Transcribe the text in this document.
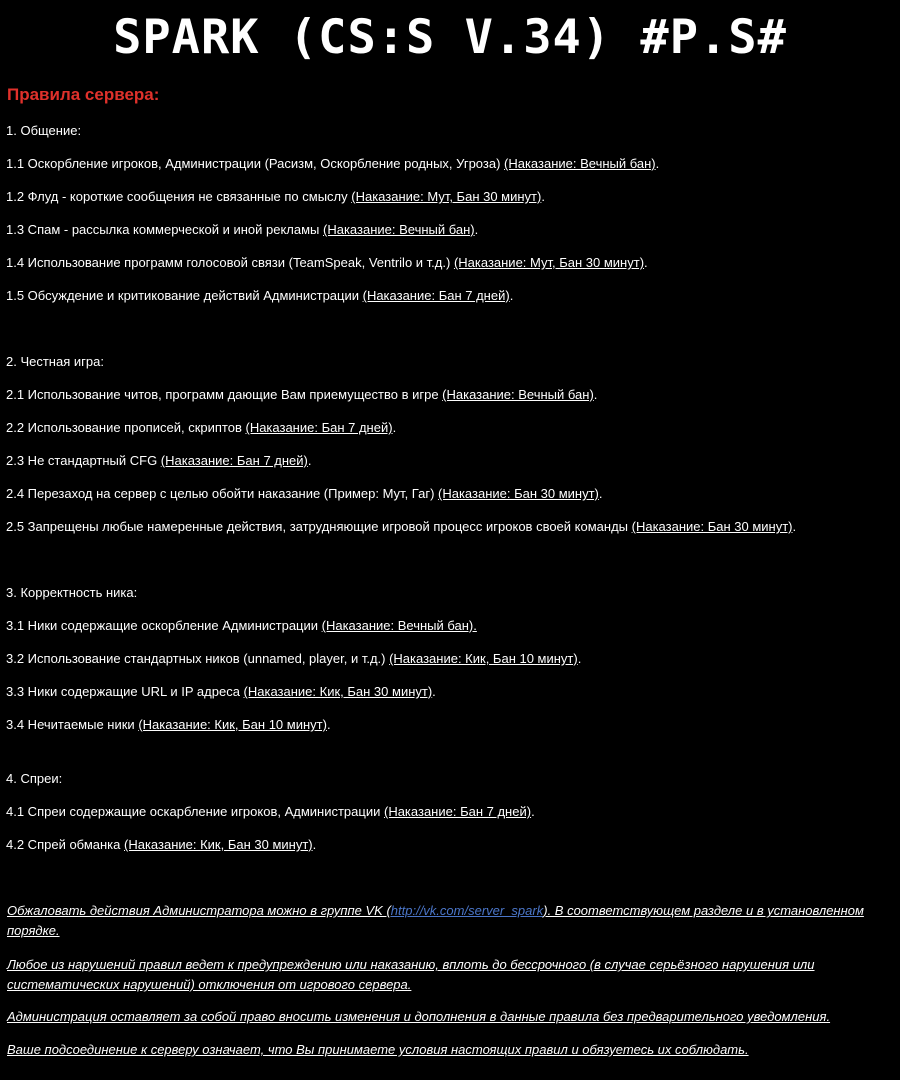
SPARK (CS:S V.34) #P.S#
Правила сервера:
1. Общение:
1.1 Оскорбление игроков, Администрации (Расизм, Оскорбление родных, Угроза) (Наказание: Вечный бан).
1.2 Флуд - короткие сообщения не связанные по смыслу (Наказание: Мут, Бан 30 минут).
1.3 Спам - рассылка коммерческой и иной рекламы (Наказание: Вечный бан).
1.4 Использование программ голосовой связи (TeamSpeak, Ventrilo и т.д.) (Наказание: Мут, Бан 30 минут).
1.5 Обсуждение и критикование действий Администрации (Наказание: Бан 7 дней).
2. Честная игра:
2.1 Использование читов, программ дающие Вам приемущество в игре (Наказание: Вечный бан).
2.2 Использование прописей, скриптов (Наказание: Бан 7 дней).
2.3 Не стандартный CFG (Наказание: Бан 7 дней).
2.4 Перезаход на сервер с целью обойти наказание (Пример: Мут, Гаг) (Наказание: Бан 30 минут).
2.5 Запрещены любые намеренные действия, затрудняющие игровой процесс игроков своей команды (Наказание: Бан 30 минут).
3. Корректность ника:
3.1 Ники содержащие оскорбление Администрации (Наказание: Вечный бан).
3.2 Использование стандартных ников (unnamed, player, и т.д.) (Наказание: Кик, Бан 10 минут).
3.3 Ники содержащие URL и IP адреса (Наказание: Кик, Бан 30 минут).
3.4 Нечитаемые ники (Наказание: Кик, Бан 10 минут).
4. Спреи:
4.1 Спреи содержащие оскарбление игроков, Администрации (Наказание: Бан 7 дней).
4.2 Спрей обманка (Наказание: Кик, Бан 30 минут).
Обжаловать действия Администратора можно в группе VK (http://vk.com/server_spark). В соответствующем разделе и в установленном порядке.
Любое из нарушений правил ведет к предупреждению или наказанию, вплоть до бессрочного (в случае серьёзного нарушения или систематических нарушений) отключения от игрового сервера.
Администрация оставляет за собой право вносить изменения и дополнения в данные правила без предварительного уведомления.
Ваше подсоединение к серверу означает, что Вы принимаете условия настоящих правил и обязуетесь их соблюдать.
